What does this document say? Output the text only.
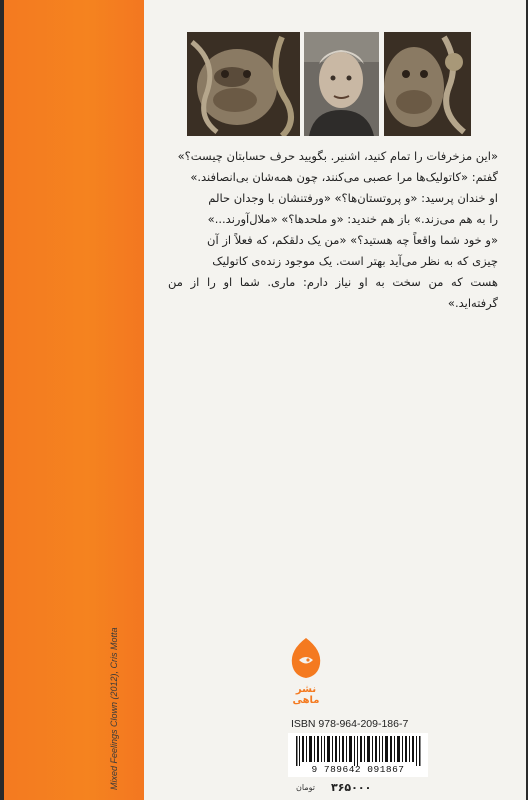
Mixed Feelings Clown (2012), Cris Motta

«این مزخرفات را تمام کنید، اشنیر. بگویید حرف حسابتان چیست؟»

گفتم: «کاتولیک‌ها مرا عصبی می‌کنند، چون همه‌شان بی‌انصافند.»

او خندان پرسید: «و پروتستان‌ها؟» «ورفتنشان با وجدان حالم

را به هم می‌زند.» باز هم خندید: «و ملحدها؟» «ملال‌آورند...»

«و خود شما واقعاً چه هستید؟» «من یک دلقکم، که فعلاً از آن

چیزی که به نظر می‌آید بهتر است. یک موجود زنده‌ی کاتولیک

هست که من سخت به او نیاز دارم: ماری. شما او را از من گرفته‌اید.»

نشر ماهی
ISBN 978-964-209-186-7
9 789642 091867
تومان ۳۶۵۰۰۰
